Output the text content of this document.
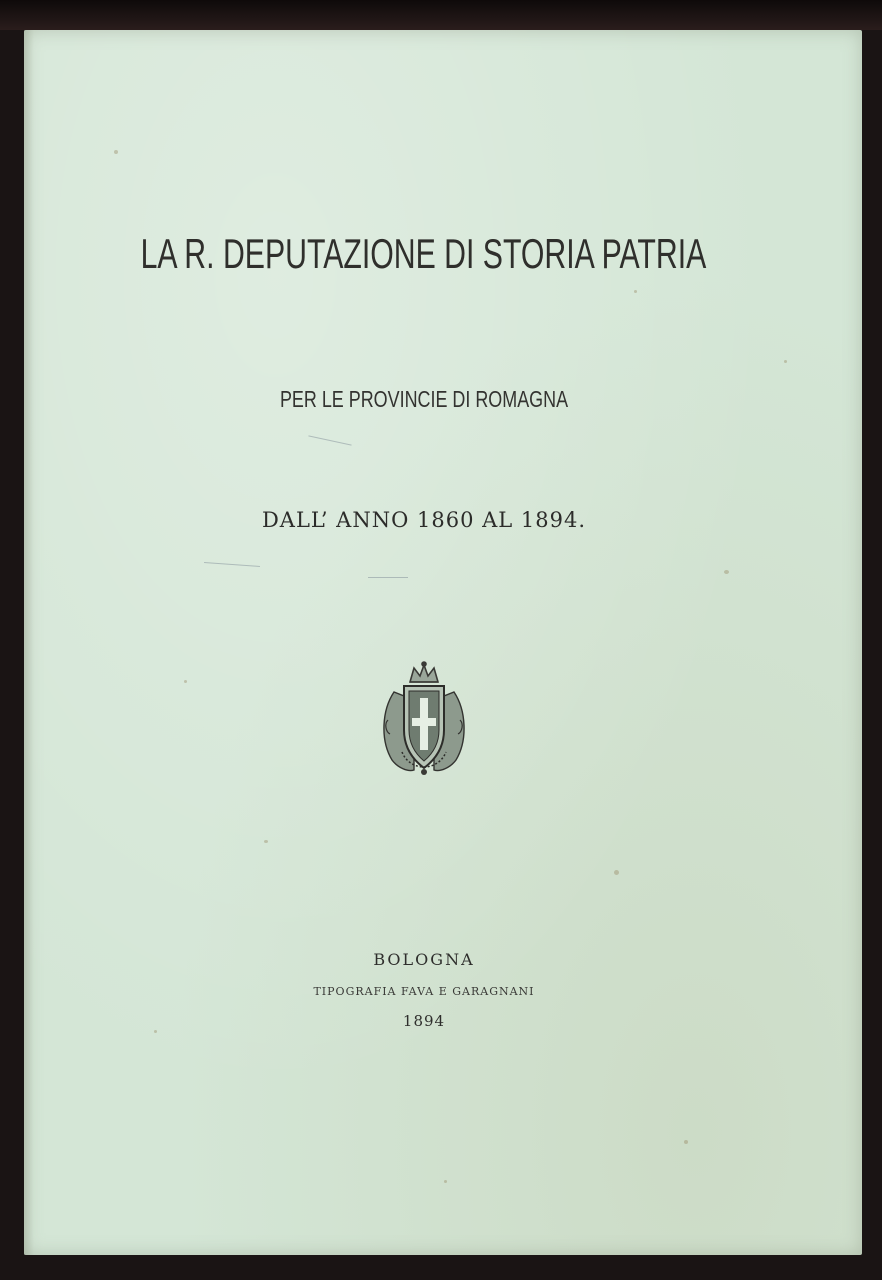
LA R. DEPUTAZIONE DI STORIA PATRIA
PER LE PROVINCIE DI ROMAGNA
DALL’ ANNO 1860 AL 1894.
BOLOGNA
TIPOGRAFIA FAVA E GARAGNANI
1894
